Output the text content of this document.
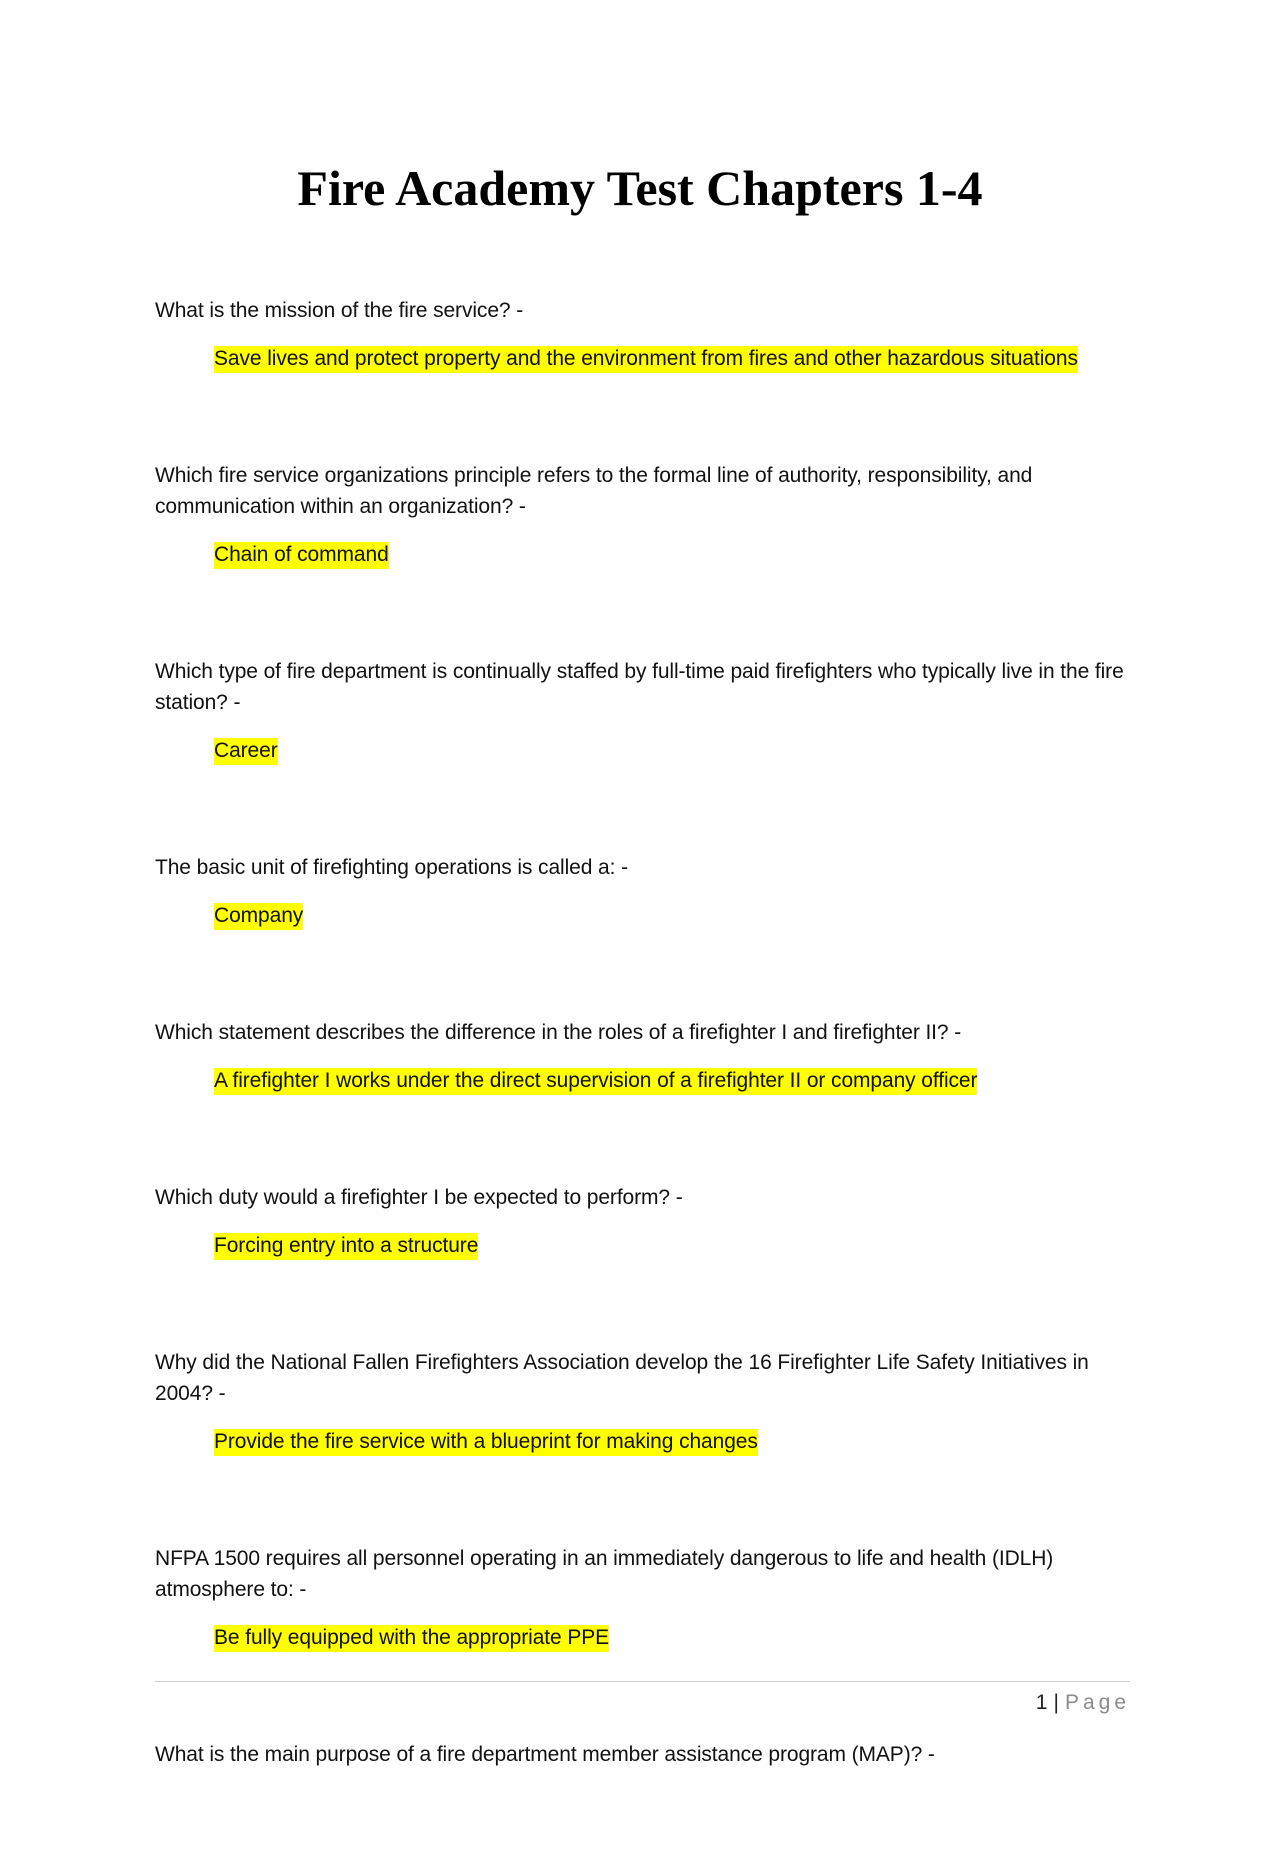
Fire Academy Test Chapters 1-4

What is the mission of the fire service? -

Save lives and protect property and the environment from fires and other hazardous situations

Which fire service organizations principle refers to the formal line of authority, responsibility, and communication within an organization? -

Chain of command

Which type of fire department is continually staffed by full-time paid firefighters who typically live in the fire station? -

Career

The basic unit of firefighting operations is called a: -

Company

Which statement describes the difference in the roles of a firefighter I and firefighter II? -

A firefighter I works under the direct supervision of a firefighter II or company officer

Which duty would a firefighter I be expected to perform? -

Forcing entry into a structure

Why did the National Fallen Firefighters Association develop the 16 Firefighter Life Safety Initiatives in 2004? -

Provide the fire service with a blueprint for making changes

NFPA 1500 requires all personnel operating in an immediately dangerous to life and health (IDLH) atmosphere to: -

Be fully equipped with the appropriate PPE

What is the main purpose of a fire department member assistance program (MAP)? -

1 | Page
